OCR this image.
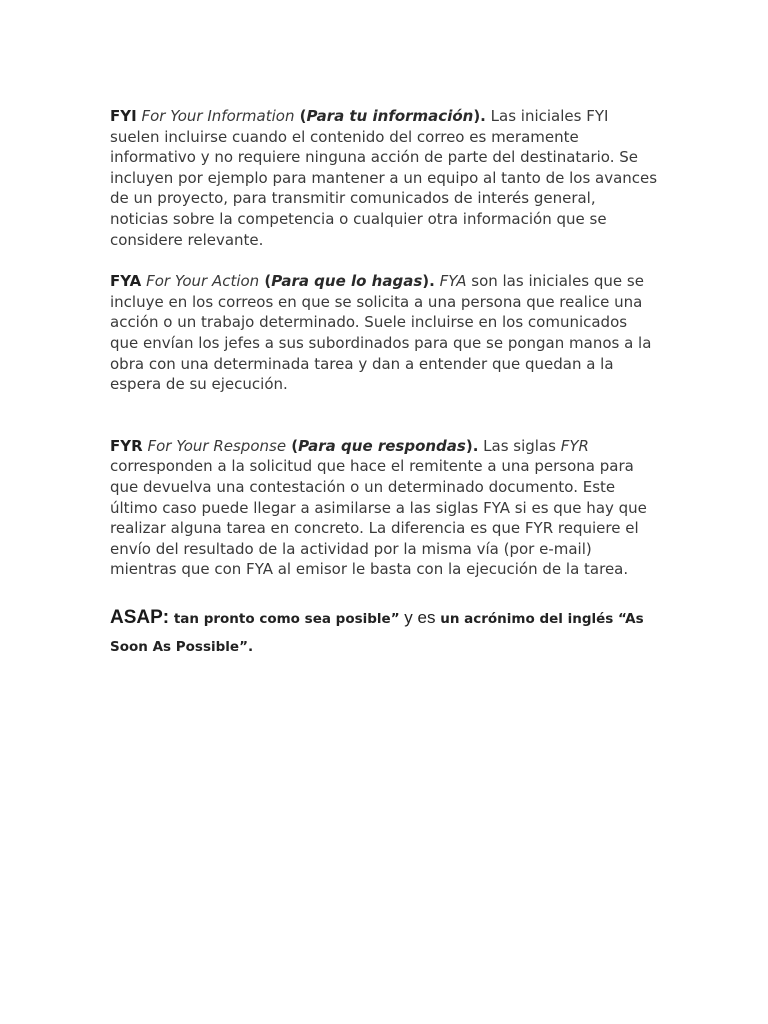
FYI For Your Information (Para tu información). Las iniciales FYI suelen incluirse cuando el contenido del correo es meramente informativo y no requiere ninguna acción de parte del destinatario. Se incluyen por ejemplo para mantener a un equipo al tanto de los avances de un proyecto, para transmitir comunicados de interés general, noticias sobre la competencia o cualquier otra información que se considere relevante.

FYA For Your Action (Para que lo hagas). FYA son las iniciales que se incluye en los correos en que se solicita a una persona que realice una acción o un trabajo determinado. Suele incluirse en los comunicados que envían los jefes a sus subordinados para que se pongan manos a la obra con una determinada tarea y dan a entender que quedan a la espera de su ejecución.

FYR For Your Response (Para que respondas). Las siglas FYR corresponden a la solicitud que hace el remitente a una persona para que devuelva una contestación o un determinado documento. Este último caso puede llegar a asimilarse a las siglas FYA si es que hay que realizar alguna tarea en concreto. La diferencia es que FYR requiere el envío del resultado de la actividad por la misma vía (por e-mail) mientras que con FYA al emisor le basta con la ejecución de la tarea.

ASAP: tan pronto como sea posible” y es un acrónimo del inglés “As Soon As Possible”.
